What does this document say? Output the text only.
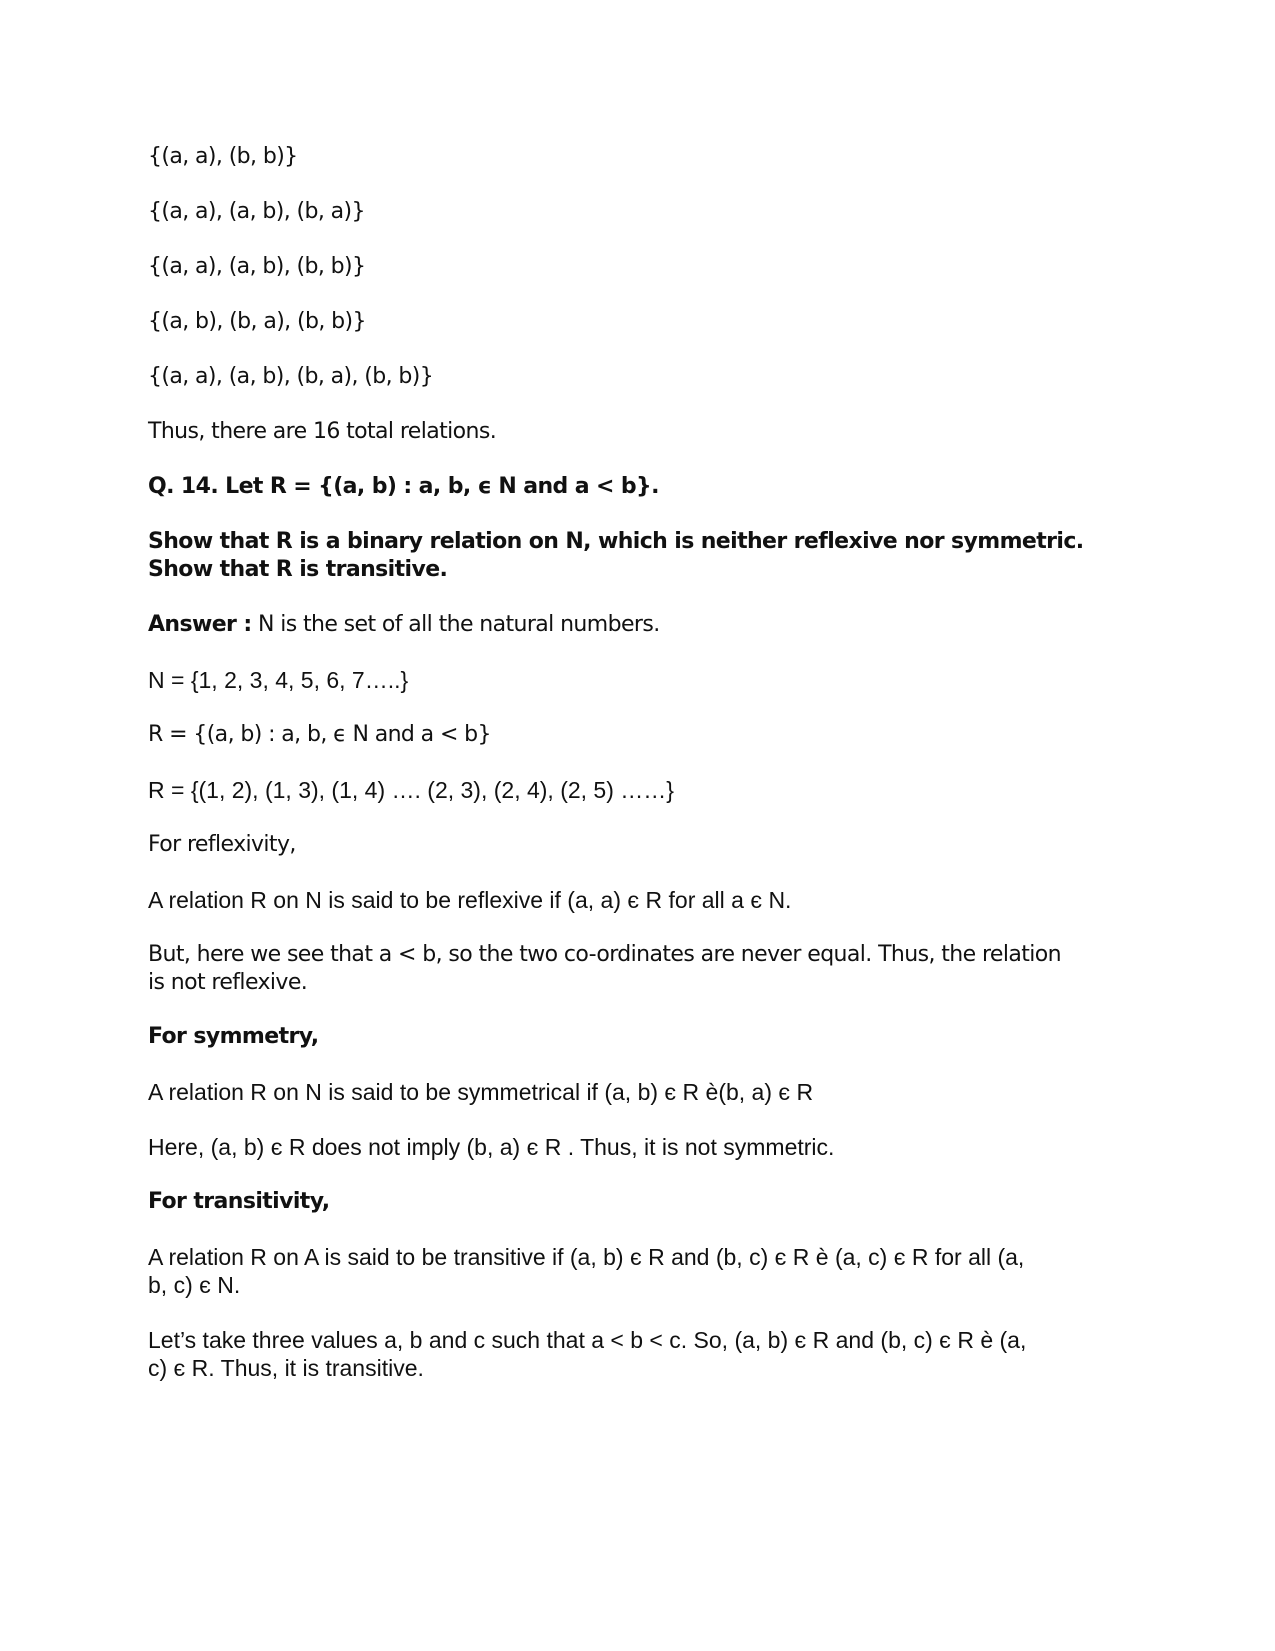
{(a, a), (b, b)}
{(a, a), (a, b), (b, a)}
{(a, a), (a, b), (b, b)}
{(a, b), (b, a), (b, b)}
{(a, a), (a, b), (b, a), (b, b)}
Thus, there are 16 total relations.
Q. 14. Let R = {(a, b) : a, b, ϵ N and a < b}.
Show that R is a binary relation on N, which is neither reflexive nor symmetric.
Show that R is transitive.
Answer : N is the set of all the natural numbers.
N = {1, 2, 3, 4, 5, 6, 7…..}
R = {(a, b) : a, b, ϵ N and a < b}
R = {(1, 2), (1, 3), (1, 4) …. (2, 3), (2, 4), (2, 5) ……}
For reflexivity,
A relation R on N is said to be reflexive if (a, a) є R for all a є N.
But, here we see that a < b, so the two co-ordinates are never equal. Thus, the relation
is not reflexive.
For symmetry,
A relation R on N is said to be symmetrical if (a, b) є R è(b, a) є R
Here, (a, b) є R does not imply (b, a) є R . Thus, it is not symmetric.
For transitivity,
A relation R on A is said to be transitive if (a, b) є R and (b, c) є R è (a, c) є R for all (a,
b, c) є N.
Let’s take three values a, b and c such that a < b < c. So, (a, b) є R and (b, c) є R è (a,
c) є R. Thus, it is transitive.
